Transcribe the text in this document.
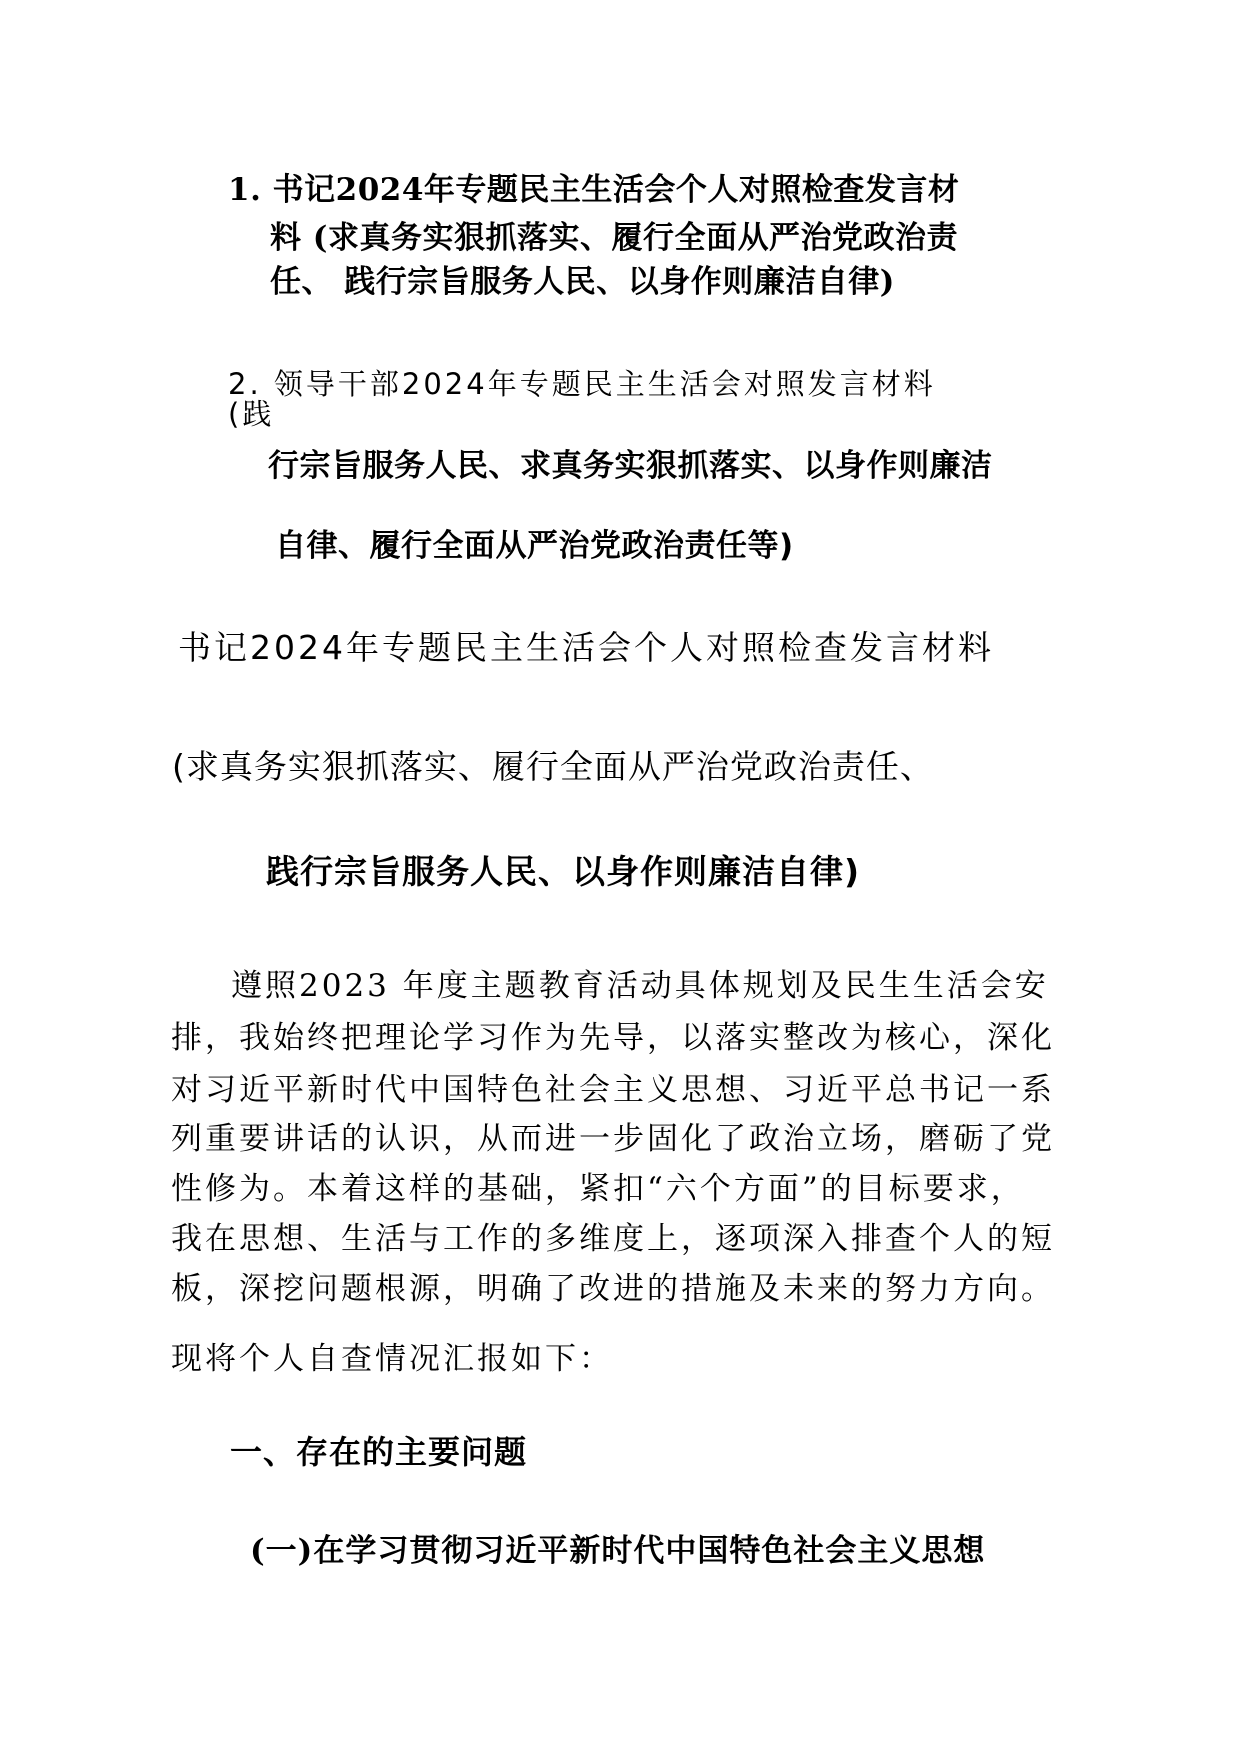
1. 书记2024年专题民主生活会个人对照检查发言材
料 (求真务实狠抓落实、履行全面从严治党政治责
任、 践行宗旨服务人民、以身作则廉洁自律)
2. 领导干部2024年专题民主生活会对照发言材料
(践
行宗旨服务人民、求真务实狠抓落实、以身作则廉洁
自律、履行全面从严治党政治责任等)
书记2024年专题民主生活会个人对照检查发言材料
(求真务实狠抓落实、履行全面从严治党政治责任、
践行宗旨服务人民、以身作则廉洁自律)
遵照2023 年度主题教育活动具体规划及民生生活会安
排，我始终把理论学习作为先导，以落实整改为核心，深化
对习近平新时代中国特色社会主义思想、习近平总书记一系
列重要讲话的认识，从而进一步固化了政治立场，磨砺了党
性修为。本着这样的基础，紧扣“六个方面”的目标要求，
我在思想、生活与工作的多维度上，逐项深入排查个人的短
板，深挖问题根源，明确了改进的措施及未来的努力方向。
现将个人自查情况汇报如下：
一、存在的主要问题
(一)在学习贯彻习近平新时代中国特色社会主义思想
